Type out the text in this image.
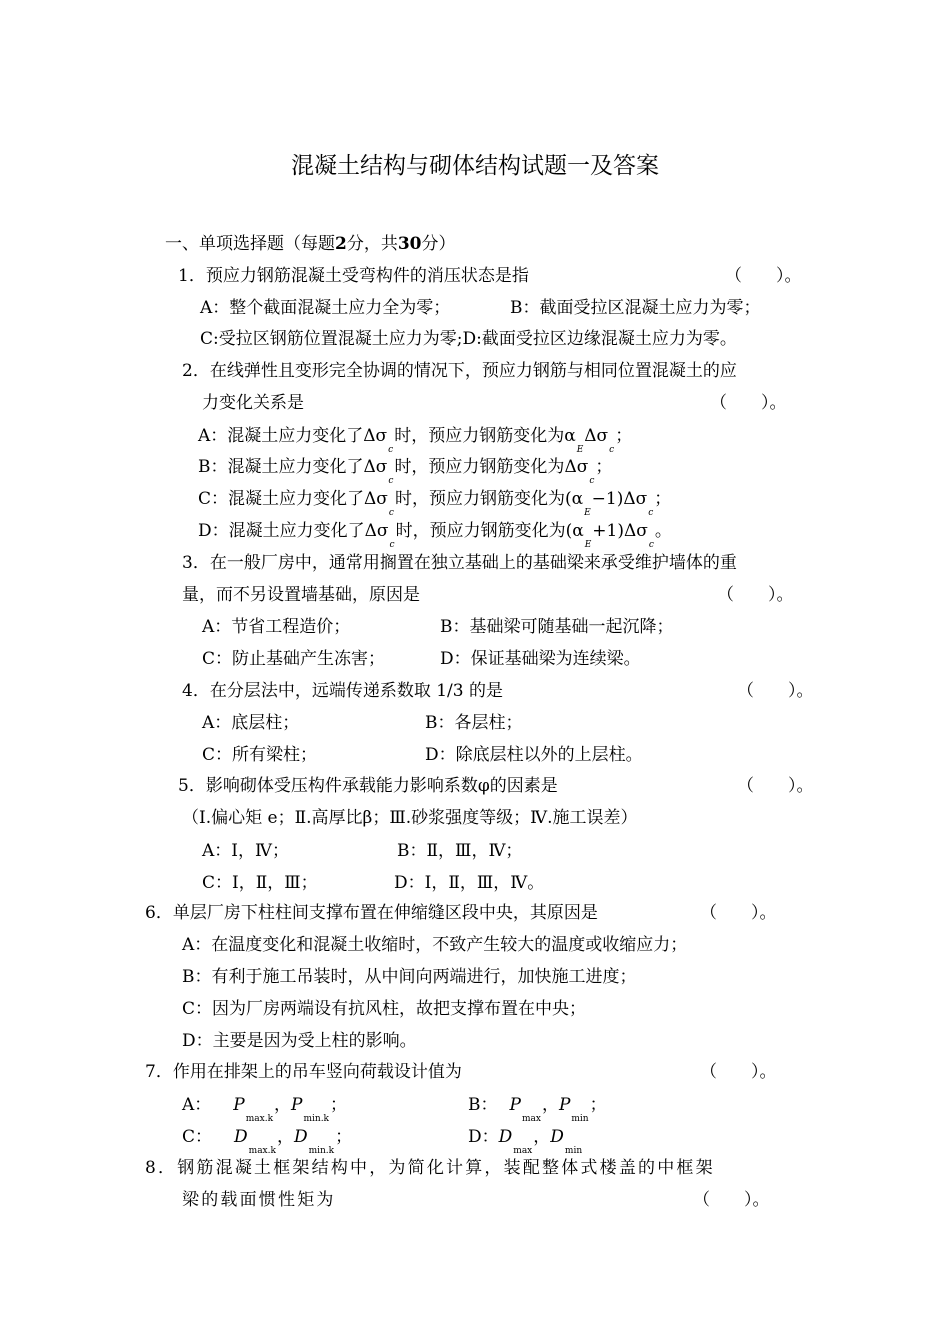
混凝土结构与砌体结构试题一及答案
一、单项选择题（每题2分，共30分）
1．预应力钢筋混凝土受弯构件的消压状态是指	（　　）。
A：整个截面混凝土应力全为零；	B：截面受拉区混凝土应力为零；
C:受拉区钢筋位置混凝土应力为零;D:截面受拉区边缘混凝土应力为零。
2．在线弹性且变形完全协调的情况下，预应力钢筋与相同位置混凝土的应
力变化关系是	（　　）。
A：混凝土应力变化了$\Delta\sigma_c$时，预应力钢筋变化为$\alpha_E\Delta\sigma_c$；
B：混凝土应力变化了$\Delta\sigma_c$时，预应力钢筋变化为$\Delta\sigma_c$；
C：混凝土应力变化了$\Delta\sigma_c$时，预应力钢筋变化为$(\alpha_E-1)\Delta\sigma_c$；
D：混凝土应力变化了$\Delta\sigma_c$时，预应力钢筋变化为$(\alpha_E+1)\Delta\sigma_c$。
3．在一般厂房中，通常用搁置在独立基础上的基础梁来承受维护墙体的重
量，而不另设置墙基础，原因是	（　　）。
A：节省工程造价；	B：基础梁可随基础一起沉降；
C：防止基础产生冻害；	D：保证基础梁为连续梁。
4．在分层法中，远端传递系数取 1/3 的是	（　　）。
A：底层柱；	B：各层柱；
C：所有梁柱；	D：除底层柱以外的上层柱。
5．影响砌体受压构件承载能力影响系数φ的因素是	（　　）。
（Ⅰ.偏心矩 e；Ⅱ.高厚比β；Ⅲ.砂浆强度等级；Ⅳ.施工误差）
A：Ⅰ，Ⅳ；	B：Ⅱ，Ⅲ，Ⅳ；
C：Ⅰ，Ⅱ，Ⅲ；	D：Ⅰ，Ⅱ，Ⅲ，Ⅳ。
6．单层厂房下柱柱间支撑布置在伸缩缝区段中央，其原因是	（　　）。
A：在温度变化和混凝土收缩时，不致产生较大的温度或收缩应力；
B：有利于施工吊装时，从中间向两端进行，加快施工进度；
C：因为厂房两端设有抗风柱，故把支撑布置在中央；
D：主要是因为受上柱的影响。
7．作用在排架上的吊车竖向荷载设计值为	（　　）。
A： $P_{max.k}$，$P_{min.k}$；	B： $P_{max}$，$P_{min}$；
C： $D_{max.k}$，$D_{min.k}$；	D：$D_{max}$，$D_{min}$
8．钢筋混凝土框架结构中，为简化计算，装配整体式楼盖的中框架
梁的载面惯性矩为	（　　）。
